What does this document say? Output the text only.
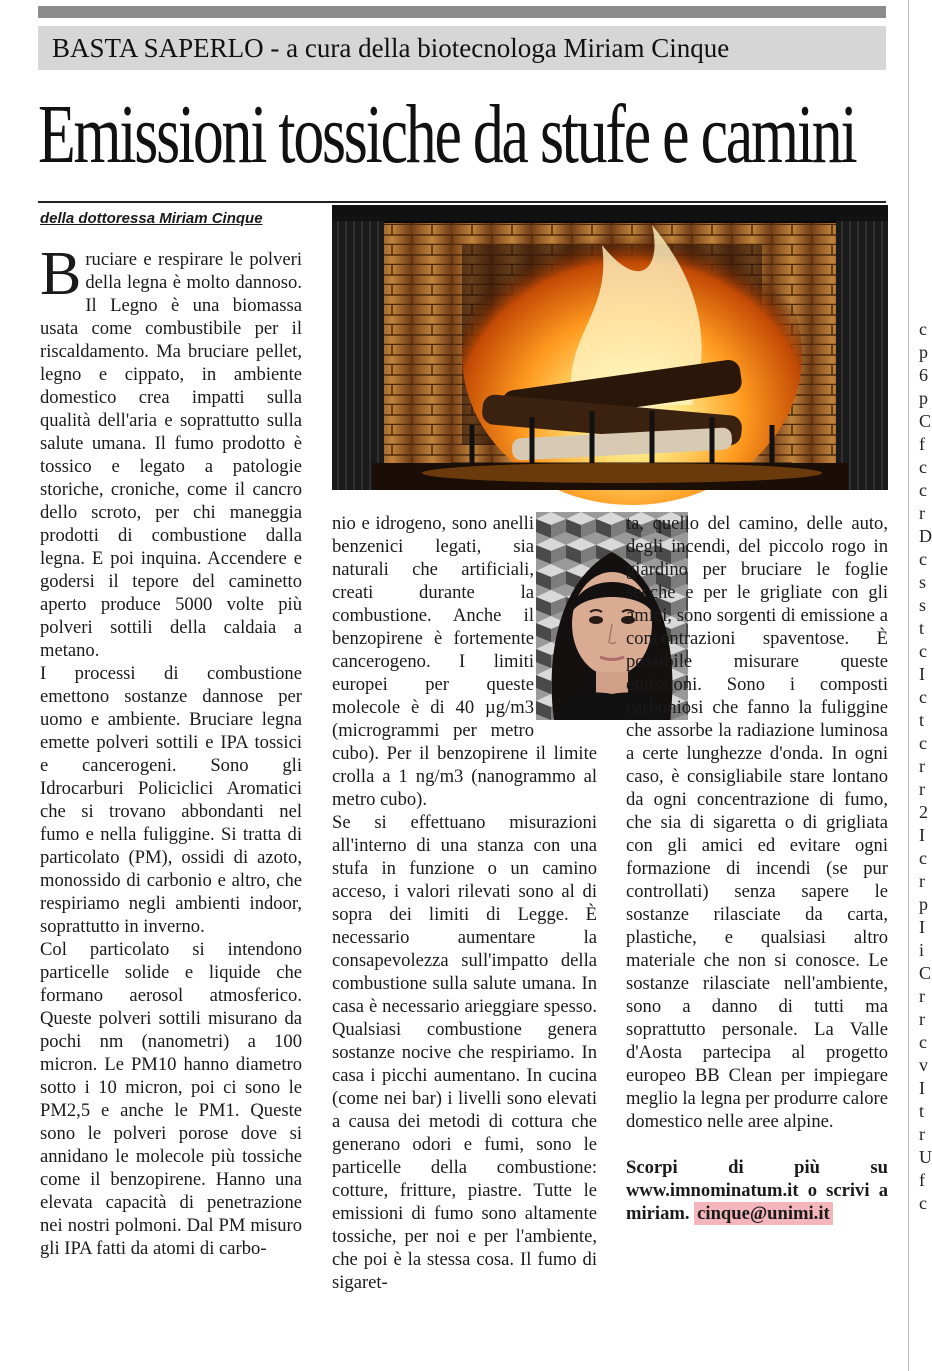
BASTA SAPERLO - a cura della biotecnologa Miriam Cinque
Emissioni tossiche da stufe e camini
della dottoressa Miriam Cinque

Bruciare e respirare le polveri della legna è molto dannoso. Il Legno è una biomassa usata come combustibile per il riscaldamento. Ma bruciare pellet, legno e cippato, in ambiente domestico crea impatti sulla qualità dell'aria e soprattutto sulla salute umana. Il fumo prodotto è tossico e legato a patologie storiche, croniche, come il cancro dello scroto, per chi maneggia prodotti di combustione dalla legna. E poi inquina. Accendere e godersi il tepore del caminetto aperto produce 5000 volte più polveri sottili della caldaia a metano.

I processi di combustione emettono sostanze dannose per uomo e ambiente. Bruciare legna emette polveri sottili e IPA tossici e cancerogeni. Sono gli Idrocarburi Policiclici Aromatici che si trovano abbondanti nel fumo e nella fuliggine. Si tratta di particolato (PM), ossidi di azoto, monossido di carbonio e altro, che respiriamo negli ambienti indoor, soprattutto in inverno.

Col particolato si intendono particelle solide e liquide che formano aerosol atmosferico. Queste polveri sottili misurano da pochi nm (nanometri) a 100 micron. Le PM10 hanno diametro sotto i 10 micron, poi ci sono le PM2,5 e anche le PM1. Queste sono le polveri porose dove si annidano le molecole più tossiche come il benzopirene. Hanno una elevata capacità di penetrazione nei nostri polmoni. Dal PM misuro gli IPA fatti da atomi di carbo-

nio e idrogeno, sono anelli benzenici legati, sia naturali che artificiali, creati durante la combustione. Anche il benzopirene è fortemente cancerogeno. I limiti europei per queste molecole è di 40 µg/m3 (microgrammi per metro cubo). Per il benzopirene il limite crolla a 1 ng/m3 (nanogrammo al metro cubo).

Se si effettuano misurazioni all'interno di una stanza con una stufa in funzione o un camino acceso, i valori rilevati sono al di sopra dei limiti di Legge. È necessario aumentare la consapevolezza sull'impatto della combustione sulla salute umana. In casa è necessario arieggiare spesso. Qualsiasi combustione genera sostanze nocive che respiriamo. In casa i picchi aumentano. In cucina (come nei bar) i livelli sono elevati a causa dei metodi di cottura che generano odori e fumi, sono le particelle della combustione: cotture, fritture, piastre. Tutte le emissioni di fumo sono altamente tossiche, per noi e per l'ambiente, che poi è la stessa cosa. Il fumo di sigaret-

ta, quello del camino, delle auto, degli incendi, del piccolo rogo in giardino per bruciare le foglie secche e per le grigliate con gli amici, sono sorgenti di emissione a concentrazioni spaventose. È possibile misurare queste emissioni. Sono i composti carboniosi che fanno la fuliggine che assorbe la radiazione luminosa a certe lunghezze d'onda. In ogni caso, è consigliabile stare lontano da ogni concentrazione di fumo, che sia di sigaretta o di grigliata con gli amici ed evitare ogni formazione di incendi (se pur controllati) senza sapere le sostanze rilasciate da carta, plastiche, e qualsiasi altro materiale che non si conosce. Le sostanze rilasciate nell'ambiente, sono a danno di tutti ma soprattutto personale. La Valle d'Aosta partecipa al progetto europeo BB Clean per impiegare meglio la legna per produrre calore domestico nelle aree alpine.

Scorpi di più su www.imnominatum.it o scrivi a miriam. cinque@unimi.it

c
p
6
p
C
f
c
c
r
D
c
s
s
t
c
I
c
t
c
r
r
2
I
c
r
p
I
i
C
r
r
c
v
I
t
r
U
f
c
